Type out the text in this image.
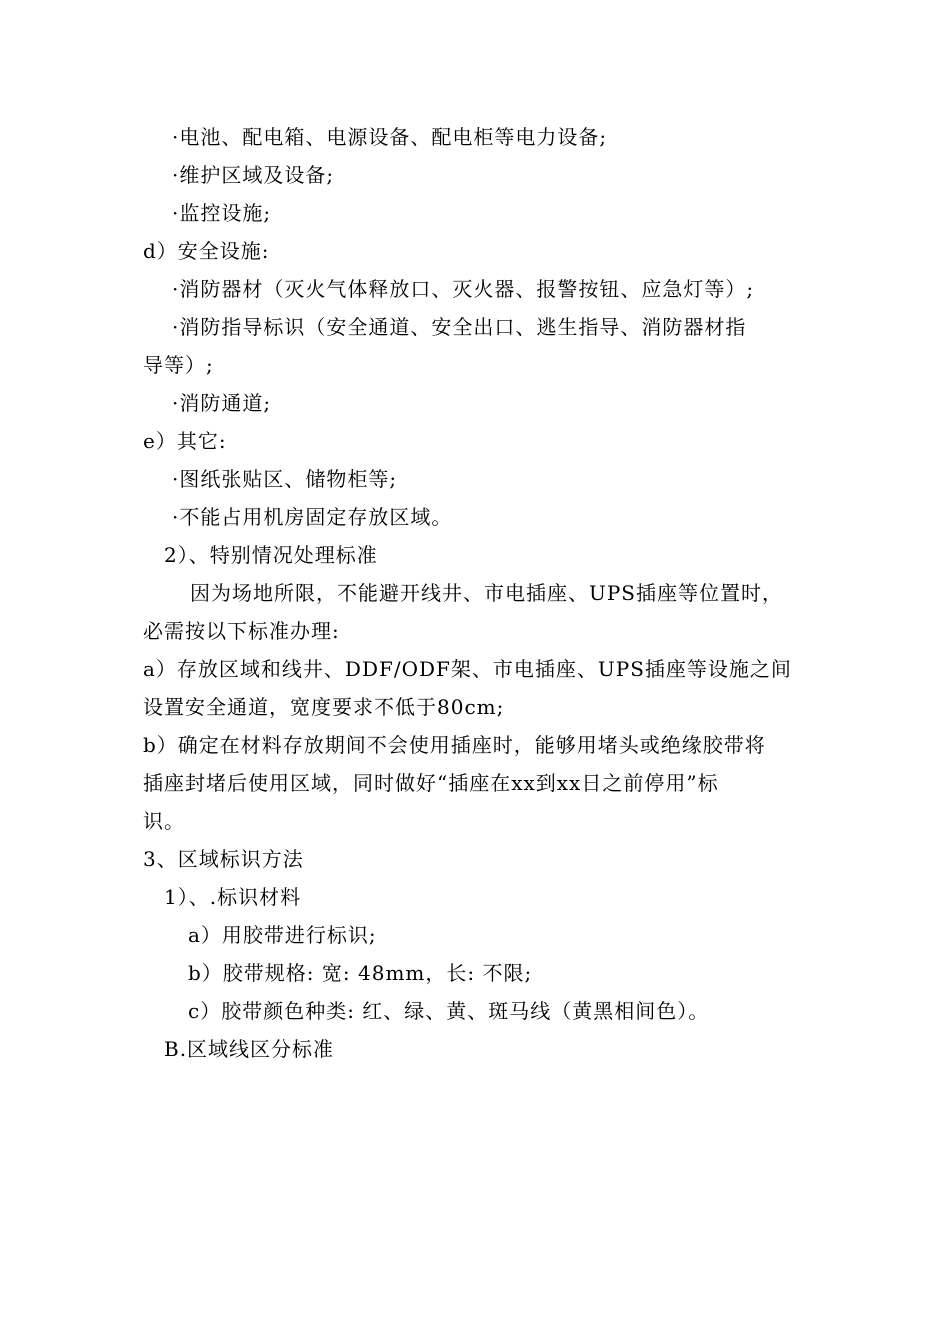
·电池、配电箱、电源设备、配电柜等电力设备;
·维护区域及设备;
·监控设施;
d）安全设施:
·消防器材（灭火气体释放口、灭火器、报警按钮、应急灯等）;
·消防指导标识（安全通道、安全出口、逃生指导、消防器材指
导等）;
·消防通道;
e）其它:
·图纸张贴区、储物柜等;
·不能占用机房固定存放区域。
2）、特别情况处理标准
因为场地所限，不能避开线井、市电插座、UPS插座等位置时，
必需按以下标准办理:
a）存放区域和线井、DDF/ODF架、市电插座、UPS插座等设施之间
设置安全通道，宽度要求不低于80cm;
b）确定在材料存放期间不会使用插座时，能够用堵头或绝缘胶带将
插座封堵后使用区域，同时做好“插座在xx到xx日之前停用”标
识。
3、区域标识方法
1）、.标识材料
a）用胶带进行标识;
b）胶带规格: 宽: 48mm，长: 不限;
c）胶带颜色种类: 红、绿、黄、斑马线（黄黑相间色）。
B.区域线区分标准
